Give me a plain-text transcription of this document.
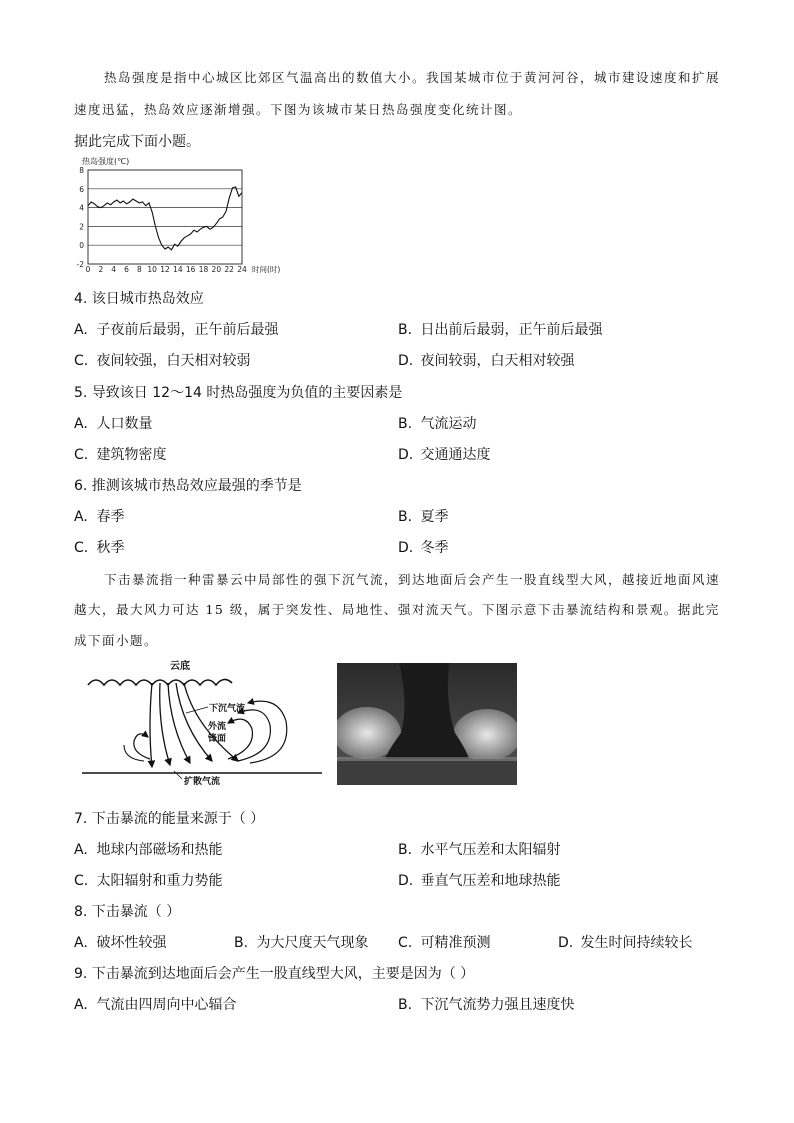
热岛强度是指中心城区比郊区气温高出的数值大小。我国某城市位于黄河河谷，城市建设速度和扩展
速度迅猛，热岛效应逐渐增强。下图为该城市某日热岛强度变化统计图。
据此完成下面小题。
热岛强度(℃)
-2
0
2
4
6
8
0 2 4 6 8 10 12 14 16 18 20 22 24 时间(时)
4. 该日城市热岛效应
A. 子夜前后最弱，正午前后最强	B. 日出前后最弱，正午前后最强
C. 夜间较强，白天相对较弱	D. 夜间较弱，白天相对较强
5. 导致该日 12～14 时热岛强度为负值的主要因素是
A. 人口数量	B. 气流运动
C. 建筑物密度	D. 交通通达度
6. 推测该城市热岛效应最强的季节是
A. 春季	B. 夏季
C. 秋季	D. 冬季
下击暴流指一种雷暴云中局部性的强下沉气流，到达地面后会产生一股直线型大风，越接近地面风速
越大，最大风力可达 15 级，属于突发性、局地性、强对流天气。下图示意下击暴流结构和景观。据此完
成下面小题。
云底
下沉气流
外流
锋面
扩散气流
7. 下击暴流的能量来源于（ ）
A. 地球内部磁场和热能	B. 水平气压差和太阳辐射
C. 太阳辐射和重力势能	D. 垂直气压差和地球热能
8. 下击暴流（ ）
A. 破坏性较强	B. 为大尺度天气现象 C. 可精准预测	D. 发生时间持续较长
9. 下击暴流到达地面后会产生一股直线型大风，主要是因为（ ）
A. 气流由四周向中心辐合	B. 下沉气流势力强且速度快
